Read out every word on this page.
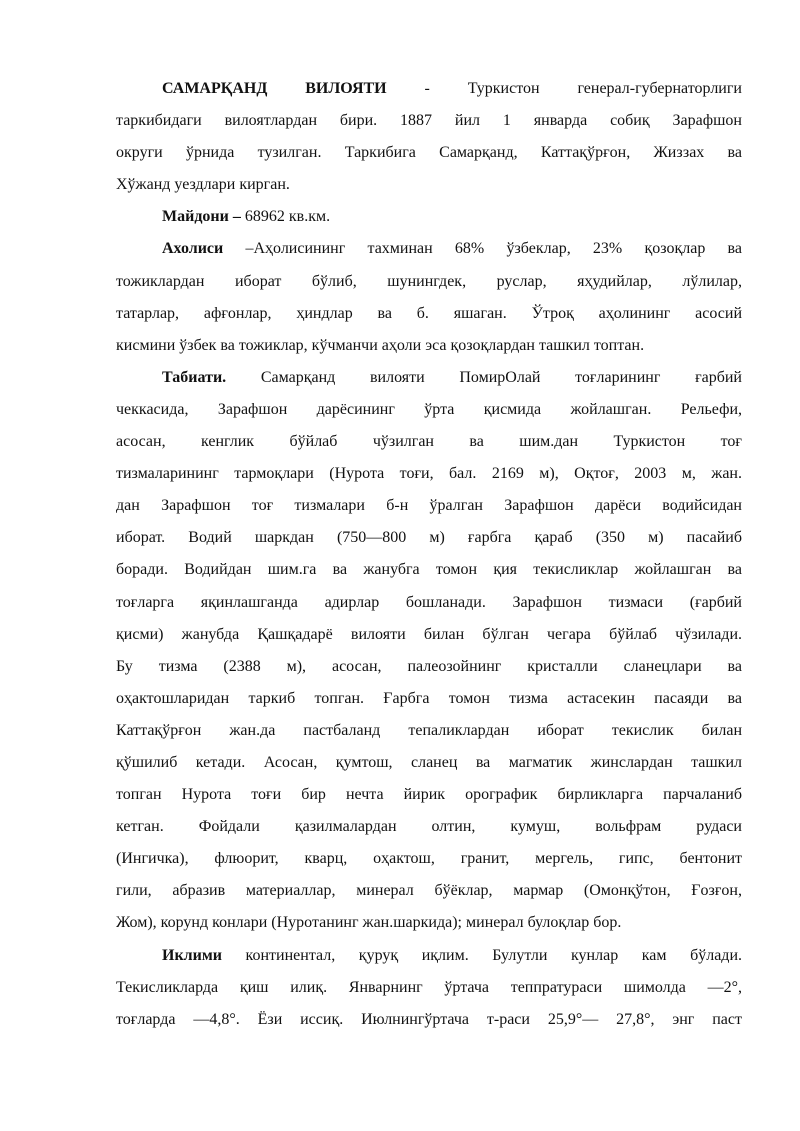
САМАРҚАНД ВИЛОЯТИ - Туркистон генерал-губернаторлиги
таркибидаги вилоятлардан бири. 1887 йил 1 январда собиқ Зарафшон
округи ўрнида тузилган. Таркибига Самарқанд, Каттақўрғон, Жиззах ва
Хўжанд уездлари кирган.

Майдони – 68962 кв.км.

Ахолиси –Аҳолисининг тахминан 68% ўзбеклар, 23% қозоқлар ва
тожиклардан иборат бўлиб, шунингдек, руслар, яҳудийлар, лўлилар,
татарлар, афғонлар, ҳиндлар ва б. яшаган. Ўтроқ аҳолининг асосий
кисмини ўзбек ва тожиклар, кўчманчи аҳоли эса қозоқлардан ташкил топтан.

Табиати. Самарқанд вилояти ПомирОлай тоғларининг ғарбий
чеккасида, Зарафшон дарёсининг ўрта қисмида жойлашган. Рельефи,
асосан, кенглик бўйлаб чўзилган ва шим.дан Туркистон тоғ
тизмаларининг тармоқлари (Нурота тоғи, бал. 2169 м), Оқтоғ, 2003 м, жан.
дан Зарафшон тоғ тизмалари б-н ўралган Зарафшон дарёси водийсидан
иборат. Водий шаркдан (750—800 м) ғарбга қараб (350 м) пасайиб
боради. Водийдан шим.га ва жанубга томон қия текисликлар жойлашган ва
тоғларга яқинлашганда адирлар бошланади. Зарафшон тизмаси (ғарбий
қисми) жанубда Қашқадарё вилояти билан бўлган чегара бўйлаб чўзилади.
Бу тизма (2388 м), асосан, палеозойнинг кристалли сланецлари ва
оҳактошларидан таркиб топган. Ғарбга томон тизма астасекин пасаяди ва
Каттақўрғон жан.да пастбаланд тепаликлардан иборат текислик билан
қўшилиб кетади. Асосан, қумтош, сланец ва магматик жинслардан ташкил
топган Нурота тоғи бир нечта йирик орографик бирликларга парчаланиб
кетган. Фойдали қазилмалардан олтин, кумуш, вольфрам рудаси
(Ингичка), флюорит, кварц, оҳактош, гранит, мергель, гипс, бентонит
гили, абразив материаллар, минерал бўёклар, мармар (Омонқўтон, Ғозғон,
Жом), корунд конлари (Нуротанинг жан.шаркида); минерал булоқлар бор.

Иклими континентал, қуруқ иқлим. Булутли кунлар кам бўлади.
Текисликларда қиш илиқ. Январнинг ўртача теппратураси шимолда —2°,
тоғларда —4,8°. Ёзи иссиқ. Июлнингўртача т-раси 25,9°— 27,8°, энг паст
